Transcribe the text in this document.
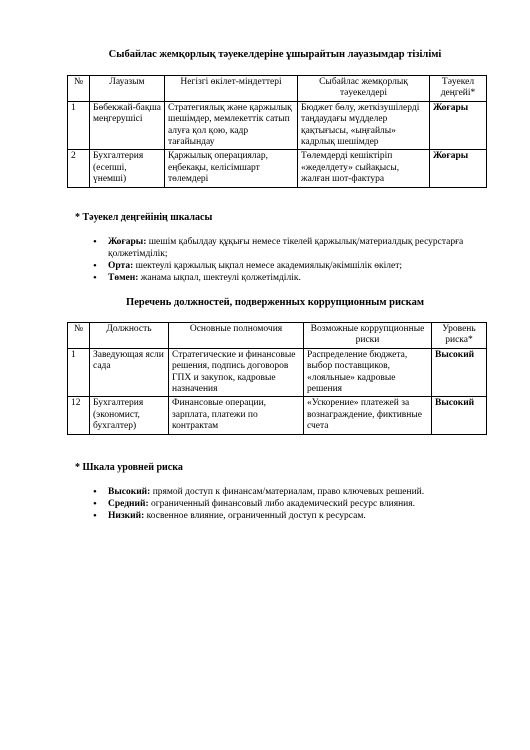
Сыбайлас жемқорлық тәуекелдеріне ұшырайтын лауазымдар тізілімі
№	Лауазым	Негізгі өкілет-міндеттері	Сыбайлас жемқорлық тәуекелдері	Тәуекел деңгейі*
1	Бөбекжай-бақша меңгерушісі	Стратегиялық және қаржылық шешімдер, мемлекеттік сатып алуға қол қою, кадр тағайындау	Бюджет бөлу, жеткізушілерді таңдаудағы мүдделер қақтығысы, «ыңғайлы» кадрлық шешімдер	Жоғары
2	Бухгалтерия (есепші, үнемші)	Қаржылық операциялар, еңбекақы, келісімшарт төлемдері	Төлемдерді кешіктіріп «жеделдету» сыйақысы, жалған шот-фактура	Жоғары
* Тәуекел деңгейінің шкаласы
• Жоғары: шешім қабылдау құқығы немесе тікелей қаржылық/материалдық ресурстарға қолжетімділік;
• Орта: шектеулі қаржылық ықпал немесе академиялық/әкімшілік өкілет;
• Төмен: жанама ықпал, шектеулі қолжетімділік.
Перечень должностей, подверженных коррупционным рискам
№	Должность	Основные полномочия	Возможные коррупционные риски	Уровень риска*
1	Заведующая ясли сада	Стратегические и финансовые решения, подпись договоров ГПХ и закупок, кадровые назначения	Распределение бюджета, выбор поставщиков, «лояльные» кадровые решения	Высокий
12	Бухгалтерия (экономист, бухгалтер)	Финансовые операции, зарплата, платежи по контрактам	«Ускорение» платежей за вознаграждение, фиктивные счета	Высокий
* Шкала уровней риска
• Высокий: прямой доступ к финансам/материалам, право ключевых решений.
• Средний: ограниченный финансовый либо академический ресурс влияния.
• Низкий: косвенное влияние, ограниченный доступ к ресурсам.
